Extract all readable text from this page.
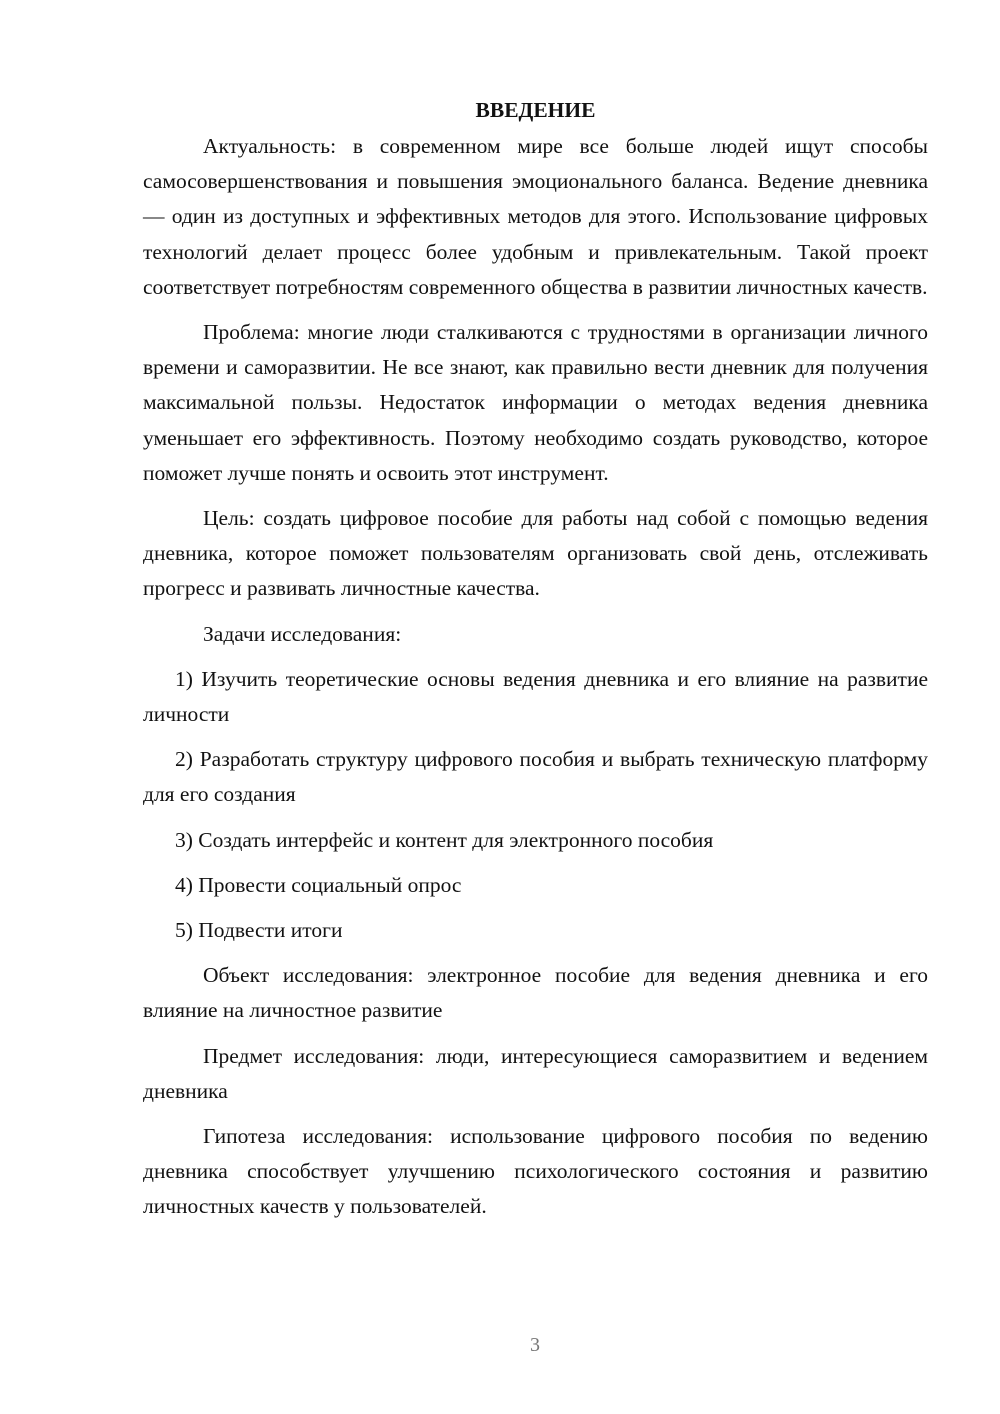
ВВЕДЕНИЕ

Актуальность: в современном мире все больше людей ищут способы самосовершенствования и повышения эмоционального баланса. Ведение дневника — один из доступных и эффективных методов для этого. Использование цифровых технологий делает процесс более удобным и привлекательным. Такой проект соответствует потребностям современного общества в развитии личностных качеств.

Проблема: многие люди сталкиваются с трудностями в организации личного времени и саморазвитии. Не все знают, как правильно вести дневник для получения максимальной пользы. Недостаток информации о методах ведения дневника уменьшает его эффективность. Поэтому необходимо создать руководство, которое поможет лучше понять и освоить этот инструмент.

Цель: создать цифровое пособие для работы над собой с помощью ведения дневника, которое поможет пользователям организовать свой день, отслеживать прогресс и развивать личностные качества.

Задачи исследования:

1) Изучить теоретические основы ведения дневника и его влияние на развитие личности

2) Разработать структуру цифрового пособия и выбрать техническую платформу для его создания

3) Создать интерфейс и контент для электронного пособия

4) Провести социальный опрос

5) Подвести итоги

Объект исследования: электронное пособие для ведения дневника и его влияние на личностное развитие

Предмет исследования: люди, интересующиеся саморазвитием и ведением дневника

Гипотеза исследования: использование цифрового пособия по ведению дневника способствует улучшению психологического состояния и развитию личностных качеств у пользователей.

3
